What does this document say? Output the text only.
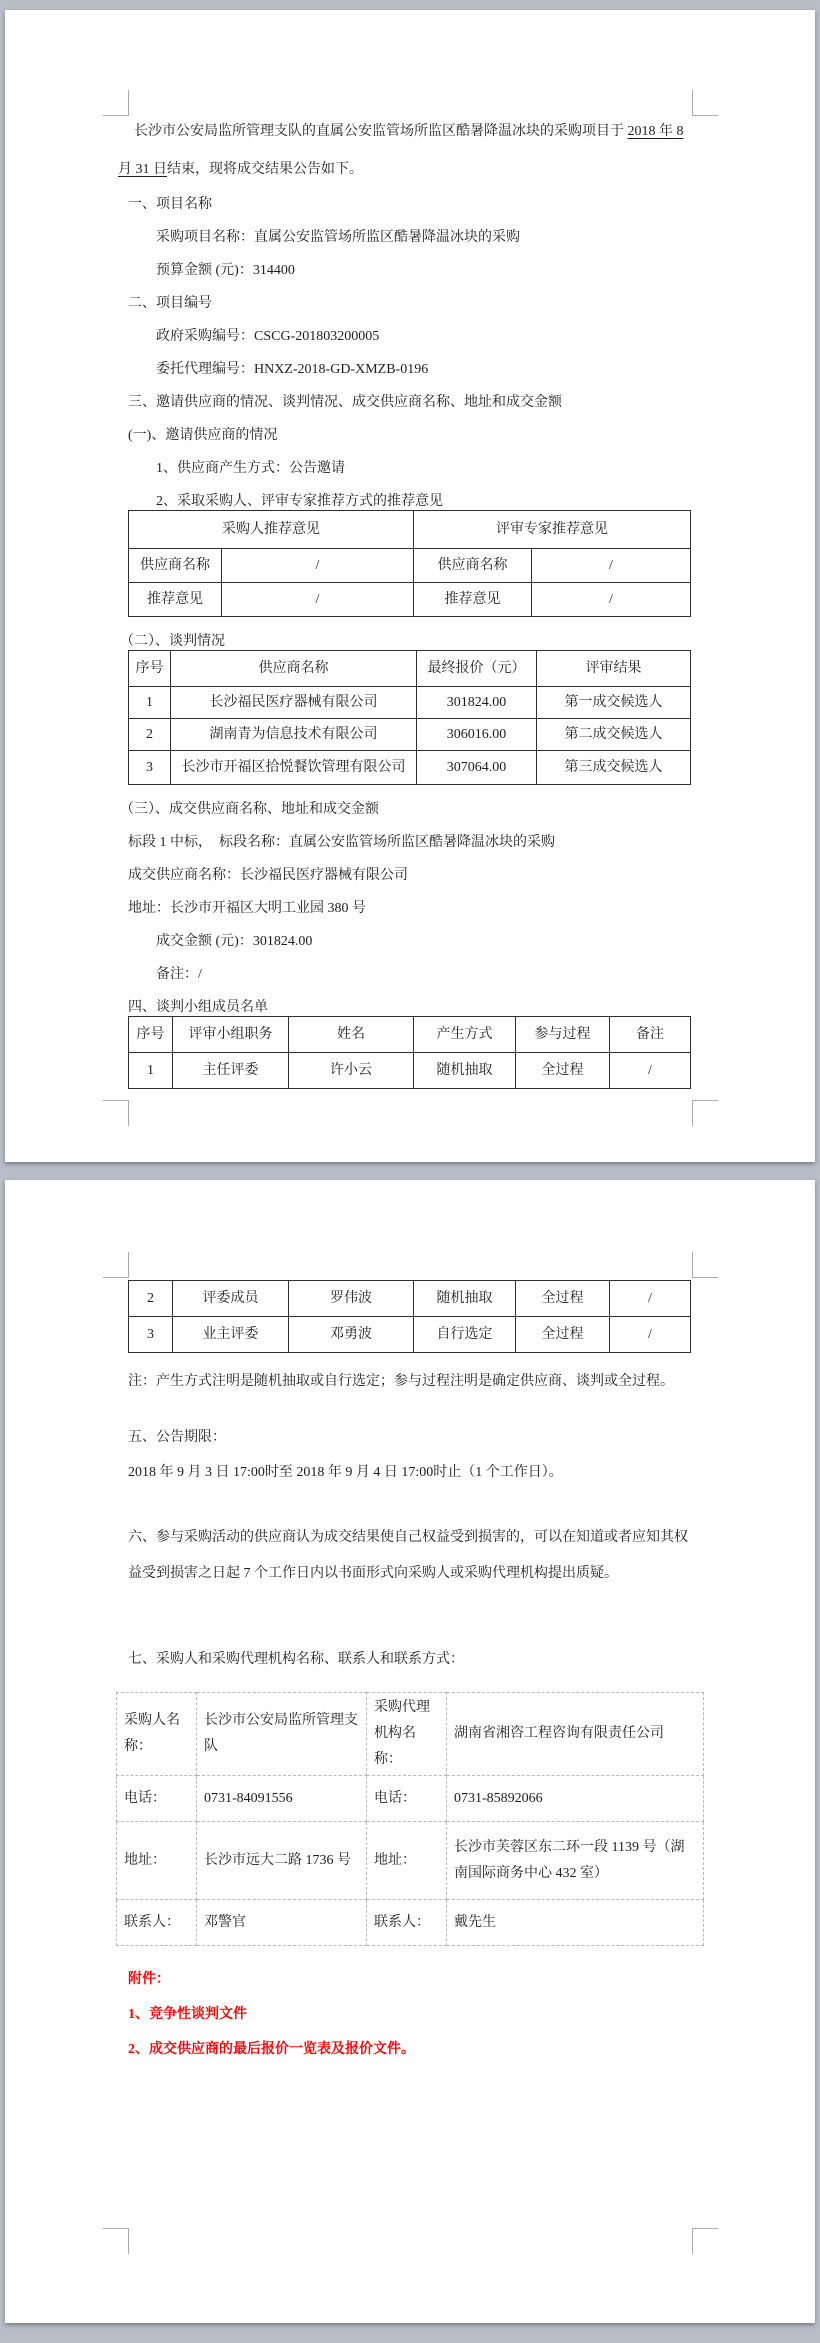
长沙市公安局监所管理支队的直属公安监管场所监区酷暑降温冰块的采购项目于 2018 年 8
月 31 日结束，现将成交结果公告如下。
一、项目名称
采购项目名称：直属公安监管场所监区酷暑降温冰块的采购
预算金额 (元)：314400
二、项目编号
政府采购编号：CSCG-201803200005
委托代理编号：HNXZ-2018-GD-XMZB-0196
三、邀请供应商的情况、谈判情况、成交供应商名称、地址和成交金额
(一)、邀请供应商的情况
1、供应商产生方式：公告邀请
2、采取采购人、评审专家推荐方式的推荐意见
采购人推荐意见		评审专家推荐意见	
供应商名称	/	供应商名称	/
推荐意见	/	推荐意见	/
（二）、谈判情况
序号	供应商名称	最终报价（元）	评审结果
1	长沙福民医疗器械有限公司	301824.00	第一成交候选人
2	湖南青为信息技术有限公司	306016.00	第二成交候选人
3	长沙市开福区拾悦餐饮管理有限公司	307064.00	第三成交候选人
（三）、成交供应商名称、地址和成交金额
标段 1 中标，  标段名称：直属公安监管场所监区酷暑降温冰块的采购
成交供应商名称：长沙福民医疗器械有限公司
地址：长沙市开福区大明工业园 380 号
成交金额 (元)：301824.00
备注：/
四、谈判小组成员名单
序号	评审小组职务	姓名	产生方式	参与过程	备注
1	主任评委	许小云	随机抽取	全过程	/
2	评委成员	罗伟波	随机抽取	全过程	/
3	业主评委	邓勇波	自行选定	全过程	/
注：产生方式注明是随机抽取或自行选定；参与过程注明是确定供应商、谈判或全过程。
五、公告期限：
2018 年 9 月 3 日 17:00时至 2018 年 9 月 4 日 17:00时止（1 个工作日）。
六、参与采购活动的供应商认为成交结果使自己权益受到损害的，可以在知道或者应知其权
益受到损害之日起 7 个工作日内以书面形式向采购人或采购代理机构提出质疑。
七、采购人和采购代理机构名称、联系人和联系方式：
采购人名称：	长沙市公安局监所管理支队	采购代理机构名称：	湖南省湘咨工程咨询有限责任公司
电话：	0731-84091556	电话：	0731-85892066
地址：	长沙市远大二路 1736 号	地址：	长沙市芙蓉区东二环一段 1139 号（湖南国际商务中心 432 室）
联系人：	邓警官	联系人：	戴先生
附件：
1、竞争性谈判文件
2、成交供应商的最后报价一览表及报价文件。
